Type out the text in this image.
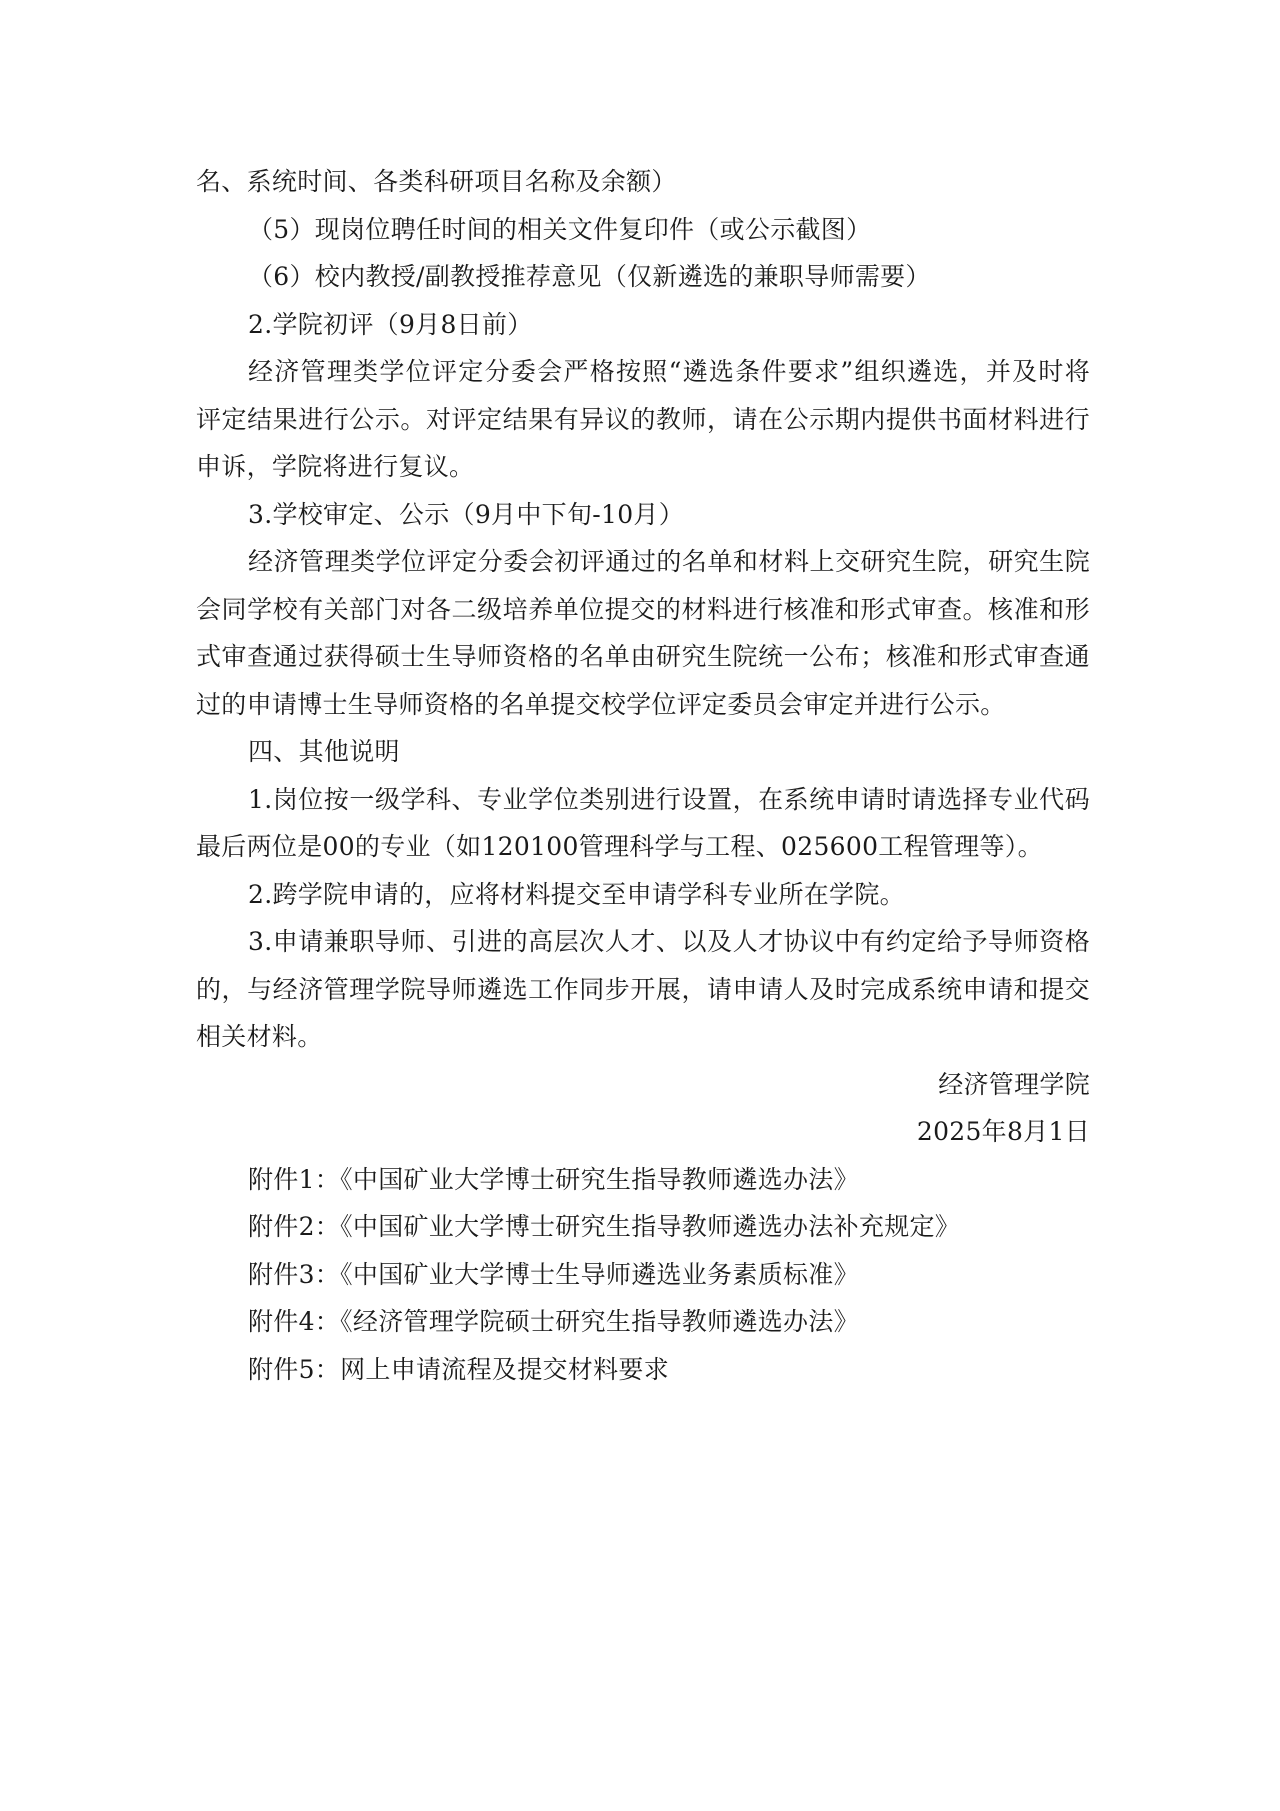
名、系统时间、各类科研项目名称及余额）
（5）现岗位聘任时间的相关文件复印件（或公示截图）
（6）校内教授/副教授推荐意见（仅新遴选的兼职导师需要）
2.学院初评（9月8日前）
经济管理类学位评定分委会严格按照“遴选条件要求”组织遴选，并及时将
评定结果进行公示。对评定结果有异议的教师，请在公示期内提供书面材料进行
申诉，学院将进行复议。
3.学校审定、公示（9月中下旬-10月）
经济管理类学位评定分委会初评通过的名单和材料上交研究生院，研究生院
会同学校有关部门对各二级培养单位提交的材料进行核准和形式审查。核准和形
式审查通过获得硕士生导师资格的名单由研究生院统一公布；核准和形式审查通
过的申请博士生导师资格的名单提交校学位评定委员会审定并进行公示。
四、其他说明
1.岗位按一级学科、专业学位类别进行设置，在系统申请时请选择专业代码
最后两位是00的专业（如120100管理科学与工程、025600工程管理等）。
2.跨学院申请的，应将材料提交至申请学科专业所在学院。
3.申请兼职导师、引进的高层次人才、以及人才协议中有约定给予导师资格
的，与经济管理学院导师遴选工作同步开展，请申请人及时完成系统申请和提交
相关材料。
经济管理学院
2025年8月1日
附件1：《中国矿业大学博士研究生指导教师遴选办法》
附件2：《中国矿业大学博士研究生指导教师遴选办法补充规定》
附件3：《中国矿业大学博士生导师遴选业务素质标准》
附件4：《经济管理学院硕士研究生指导教师遴选办法》
附件5：网上申请流程及提交材料要求
